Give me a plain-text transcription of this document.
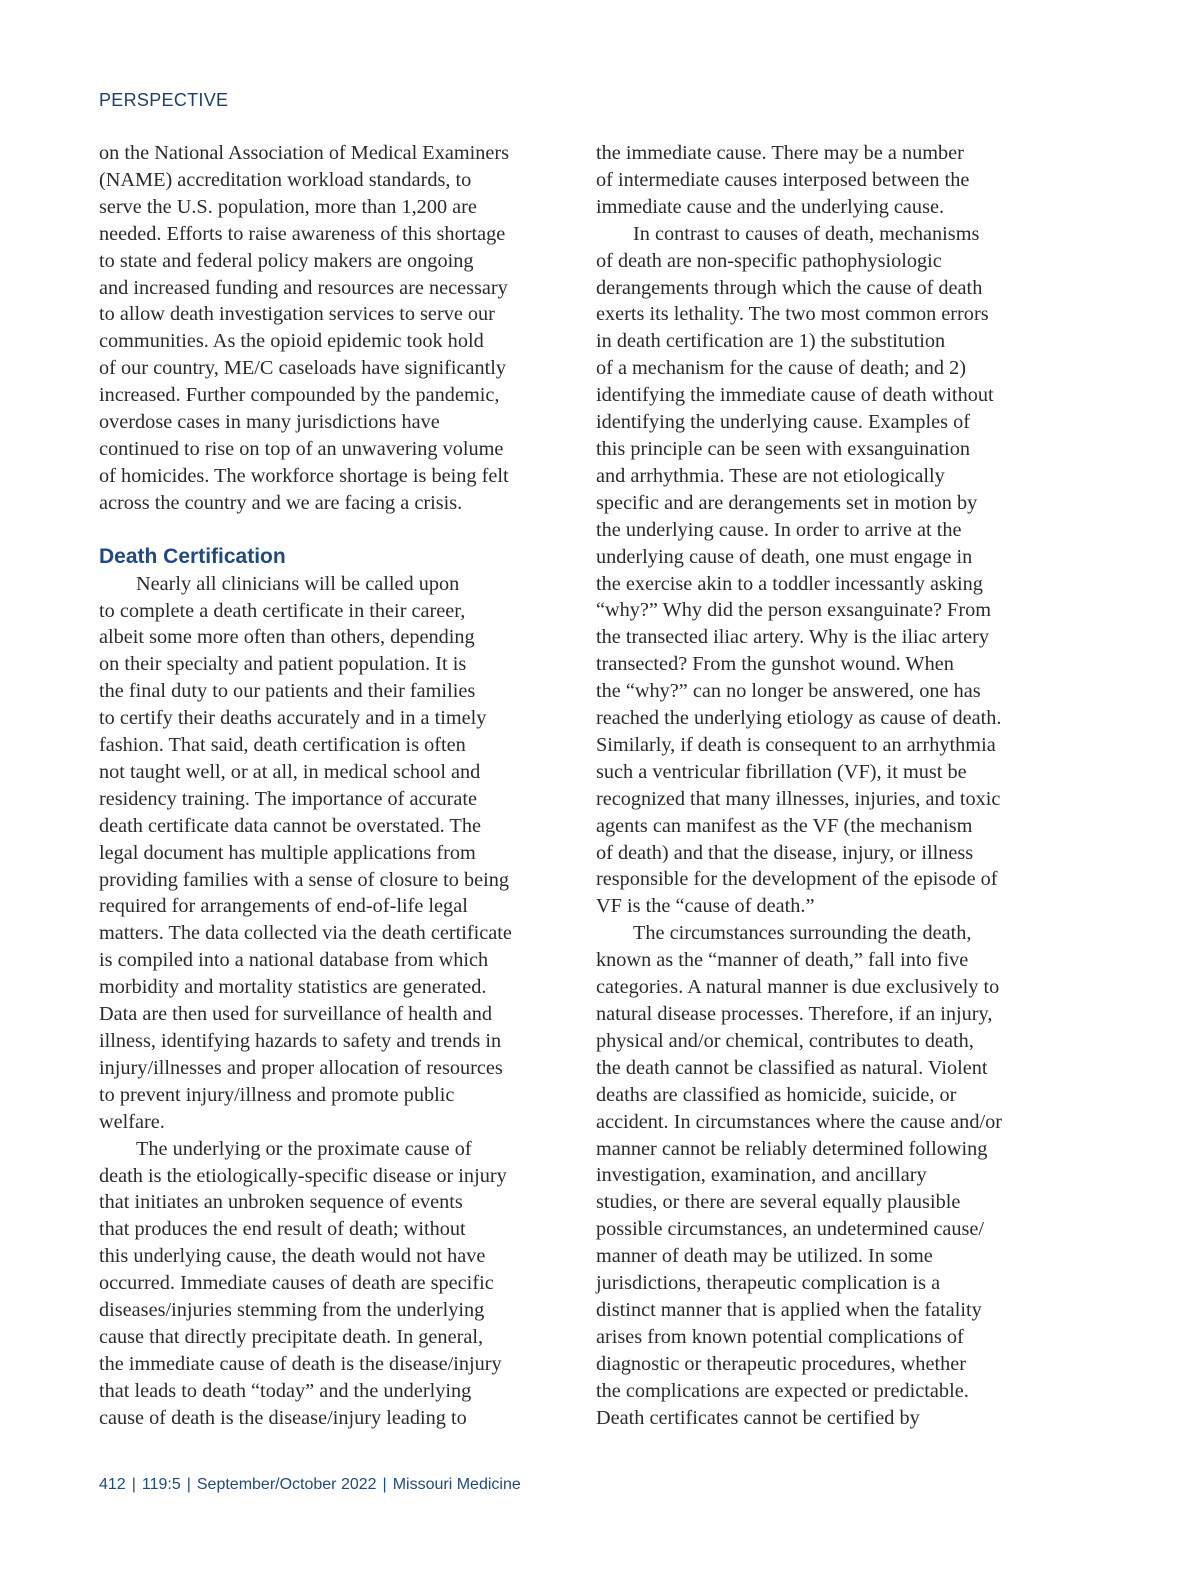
PERSPECTIVE
on the National Association of Medical Examiners
(NAME) accreditation workload standards, to
serve the U.S. population, more than 1,200 are
needed. Efforts to raise awareness of this shortage
to state and federal policy makers are ongoing
and increased funding and resources are necessary
to allow death investigation services to serve our
communities. As the opioid epidemic took hold
of our country, ME/C caseloads have significantly
increased. Further compounded by the pandemic,
overdose cases in many jurisdictions have
continued to rise on top of an unwavering volume
of homicides. The workforce shortage is being felt
across the country and we are facing a crisis.
Death Certification
Nearly all clinicians will be called upon
to complete a death certificate in their career,
albeit some more often than others, depending
on their specialty and patient population. It is
the final duty to our patients and their families
to certify their deaths accurately and in a timely
fashion. That said, death certification is often
not taught well, or at all, in medical school and
residency training. The importance of accurate
death certificate data cannot be overstated. The
legal document has multiple applications from
providing families with a sense of closure to being
required for arrangements of end-of-life legal
matters. The data collected via the death certificate
is compiled into a national database from which
morbidity and mortality statistics are generated.
Data are then used for surveillance of health and
illness, identifying hazards to safety and trends in
injury/illnesses and proper allocation of resources
to prevent injury/illness and promote public
welfare.
The underlying or the proximate cause of
death is the etiologically-specific disease or injury
that initiates an unbroken sequence of events
that produces the end result of death; without
this underlying cause, the death would not have
occurred. Immediate causes of death are specific
diseases/injuries stemming from the underlying
cause that directly precipitate death. In general,
the immediate cause of death is the disease/injury
that leads to death “today” and the underlying
cause of death is the disease/injury leading to
the immediate cause. There may be a number
of intermediate causes interposed between the
immediate cause and the underlying cause.
In contrast to causes of death, mechanisms
of death are non-specific pathophysiologic
derangements through which the cause of death
exerts its lethality. The two most common errors
in death certification are 1) the substitution
of a mechanism for the cause of death; and 2)
identifying the immediate cause of death without
identifying the underlying cause. Examples of
this principle can be seen with exsanguination
and arrhythmia. These are not etiologically
specific and are derangements set in motion by
the underlying cause. In order to arrive at the
underlying cause of death, one must engage in
the exercise akin to a toddler incessantly asking
“why?” Why did the person exsanguinate? From
the transected iliac artery. Why is the iliac artery
transected? From the gunshot wound. When
the “why?” can no longer be answered, one has
reached the underlying etiology as cause of death.
Similarly, if death is consequent to an arrhythmia
such a ventricular fibrillation (VF), it must be
recognized that many illnesses, injuries, and toxic
agents can manifest as the VF (the mechanism
of death) and that the disease, injury, or illness
responsible for the development of the episode of
VF is the “cause of death.”
The circumstances surrounding the death,
known as the “manner of death,” fall into five
categories. A natural manner is due exclusively to
natural disease processes. Therefore, if an injury,
physical and/or chemical, contributes to death,
the death cannot be classified as natural. Violent
deaths are classified as homicide, suicide, or
accident. In circumstances where the cause and/or
manner cannot be reliably determined following
investigation, examination, and ancillary
studies, or there are several equally plausible
possible circumstances, an undetermined cause/
manner of death may be utilized. In some
jurisdictions, therapeutic complication is a
distinct manner that is applied when the fatality
arises from known potential complications of
diagnostic or therapeutic procedures, whether
the complications are expected or predictable.
Death certificates cannot be certified by
412 | 119:5 | September/October 2022 | Missouri Medicine
